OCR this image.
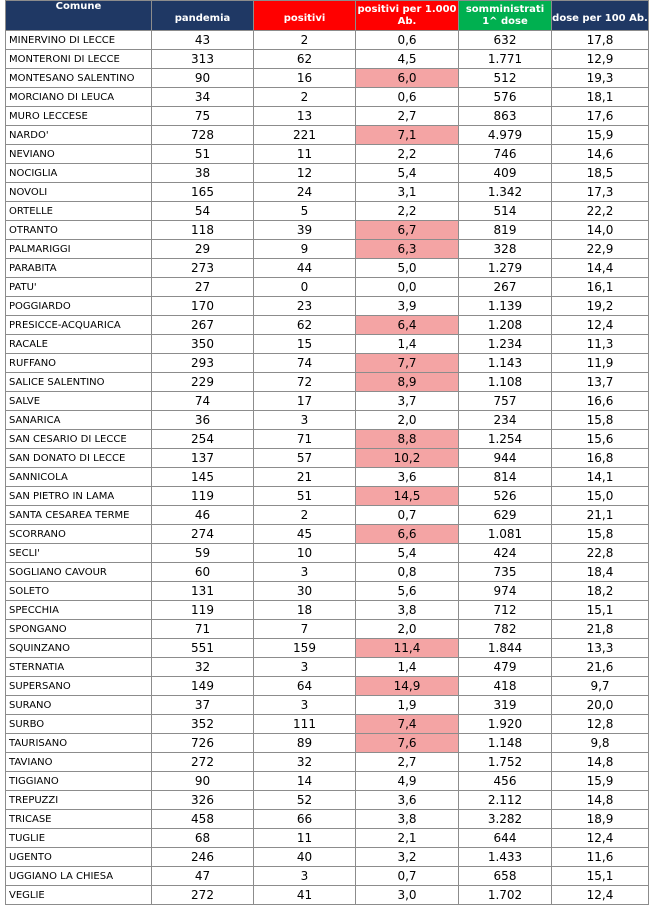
Comune	pandemia	positivi	positivi per 1.000 Ab.	somministrati 1^ dose	dose per 100 Ab.
MINERVINO DI LECCE	43	2	0,6	632	17,8
MONTERONI DI LECCE	313	62	4,5	1.771	12,9
MONTESANO SALENTINO	90	16	6,0	512	19,3
MORCIANO DI LEUCA	34	2	0,6	576	18,1
MURO LECCESE	75	13	2,7	863	17,6
NARDO'	728	221	7,1	4.979	15,9
NEVIANO	51	11	2,2	746	14,6
NOCIGLIA	38	12	5,4	409	18,5
NOVOLI	165	24	3,1	1.342	17,3
ORTELLE	54	5	2,2	514	22,2
OTRANTO	118	39	6,7	819	14,0
PALMARIGGI	29	9	6,3	328	22,9
PARABITA	273	44	5,0	1.279	14,4
PATU'	27	0	0,0	267	16,1
POGGIARDO	170	23	3,9	1.139	19,2
PRESICCE-ACQUARICA	267	62	6,4	1.208	12,4
RACALE	350	15	1,4	1.234	11,3
RUFFANO	293	74	7,7	1.143	11,9
SALICE SALENTINO	229	72	8,9	1.108	13,7
SALVE	74	17	3,7	757	16,6
SANARICA	36	3	2,0	234	15,8
SAN CESARIO DI LECCE	254	71	8,8	1.254	15,6
SAN DONATO DI LECCE	137	57	10,2	944	16,8
SANNICOLA	145	21	3,6	814	14,1
SAN PIETRO IN LAMA	119	51	14,5	526	15,0
SANTA CESAREA TERME	46	2	0,7	629	21,1
SCORRANO	274	45	6,6	1.081	15,8
SECLI'	59	10	5,4	424	22,8
SOGLIANO CAVOUR	60	3	0,8	735	18,4
SOLETO	131	30	5,6	974	18,2
SPECCHIA	119	18	3,8	712	15,1
SPONGANO	71	7	2,0	782	21,8
SQUINZANO	551	159	11,4	1.844	13,3
STERNATIA	32	3	1,4	479	21,6
SUPERSANO	149	64	14,9	418	9,7
SURANO	37	3	1,9	319	20,0
SURBO	352	111	7,4	1.920	12,8
TAURISANO	726	89	7,6	1.148	9,8
TAVIANO	272	32	2,7	1.752	14,8
TIGGIANO	90	14	4,9	456	15,9
TREPUZZI	326	52	3,6	2.112	14,8
TRICASE	458	66	3,8	3.282	18,9
TUGLIE	68	11	2,1	644	12,4
UGENTO	246	40	3,2	1.433	11,6
UGGIANO LA CHIESA	47	3	0,7	658	15,1
VEGLIE	272	41	3,0	1.702	12,4
